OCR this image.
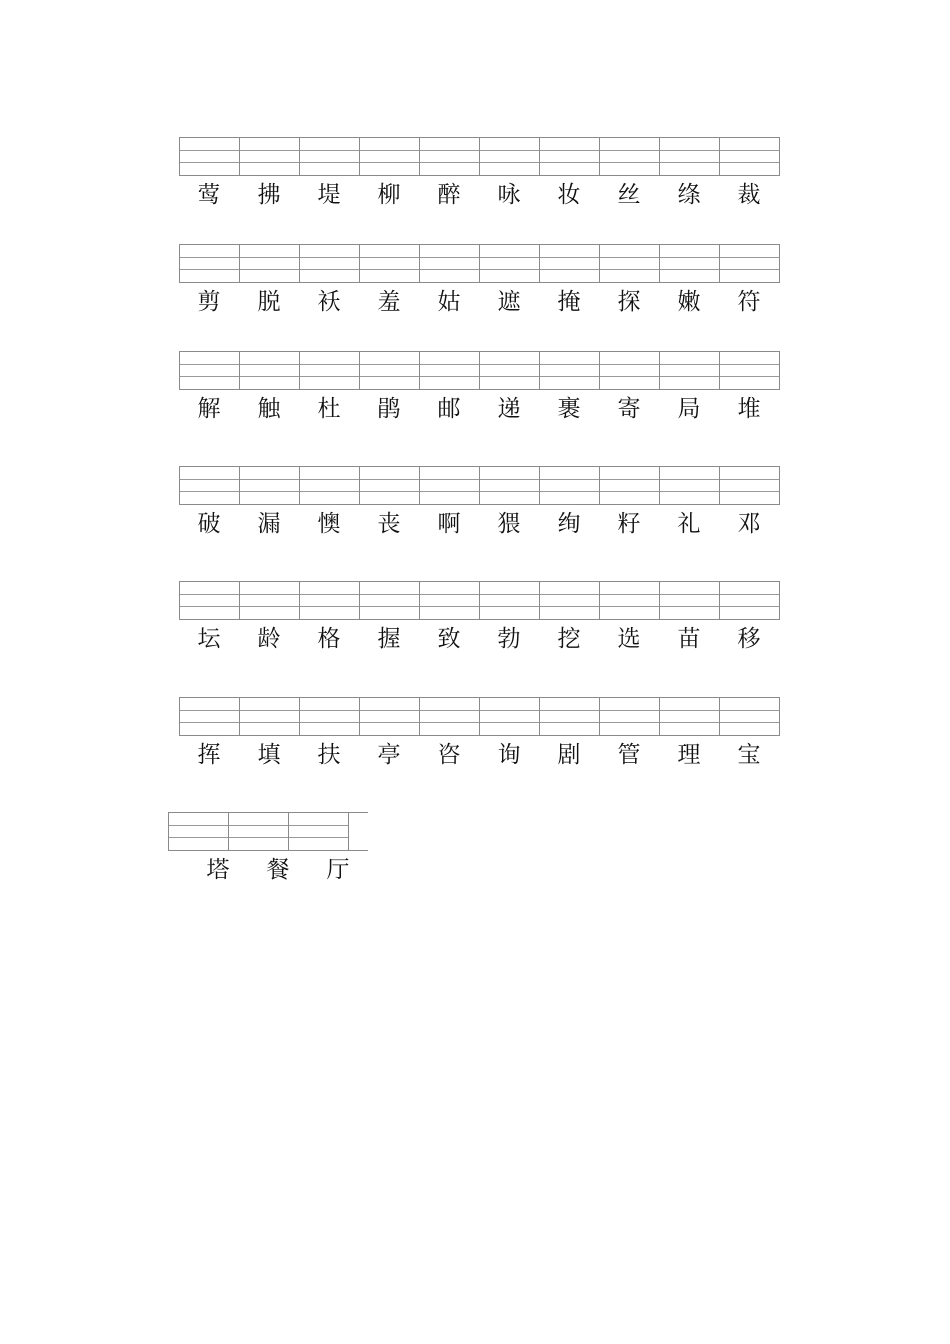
莺	拂	堤	柳	醉	咏	妆	丝	绦	裁
剪	脱	袄	羞	姑	遮	掩	探	嫩	符
解	触	杜	鹃	邮	递	裹	寄	局	堆
破	漏	懊	丧	啊	猥	绚	籽	礼	邓
坛	龄	格	握	致	勃	挖	选	苗	移
挥	填	扶	亭	咨	询	剧	管	理	宝
塔	餐	厅
